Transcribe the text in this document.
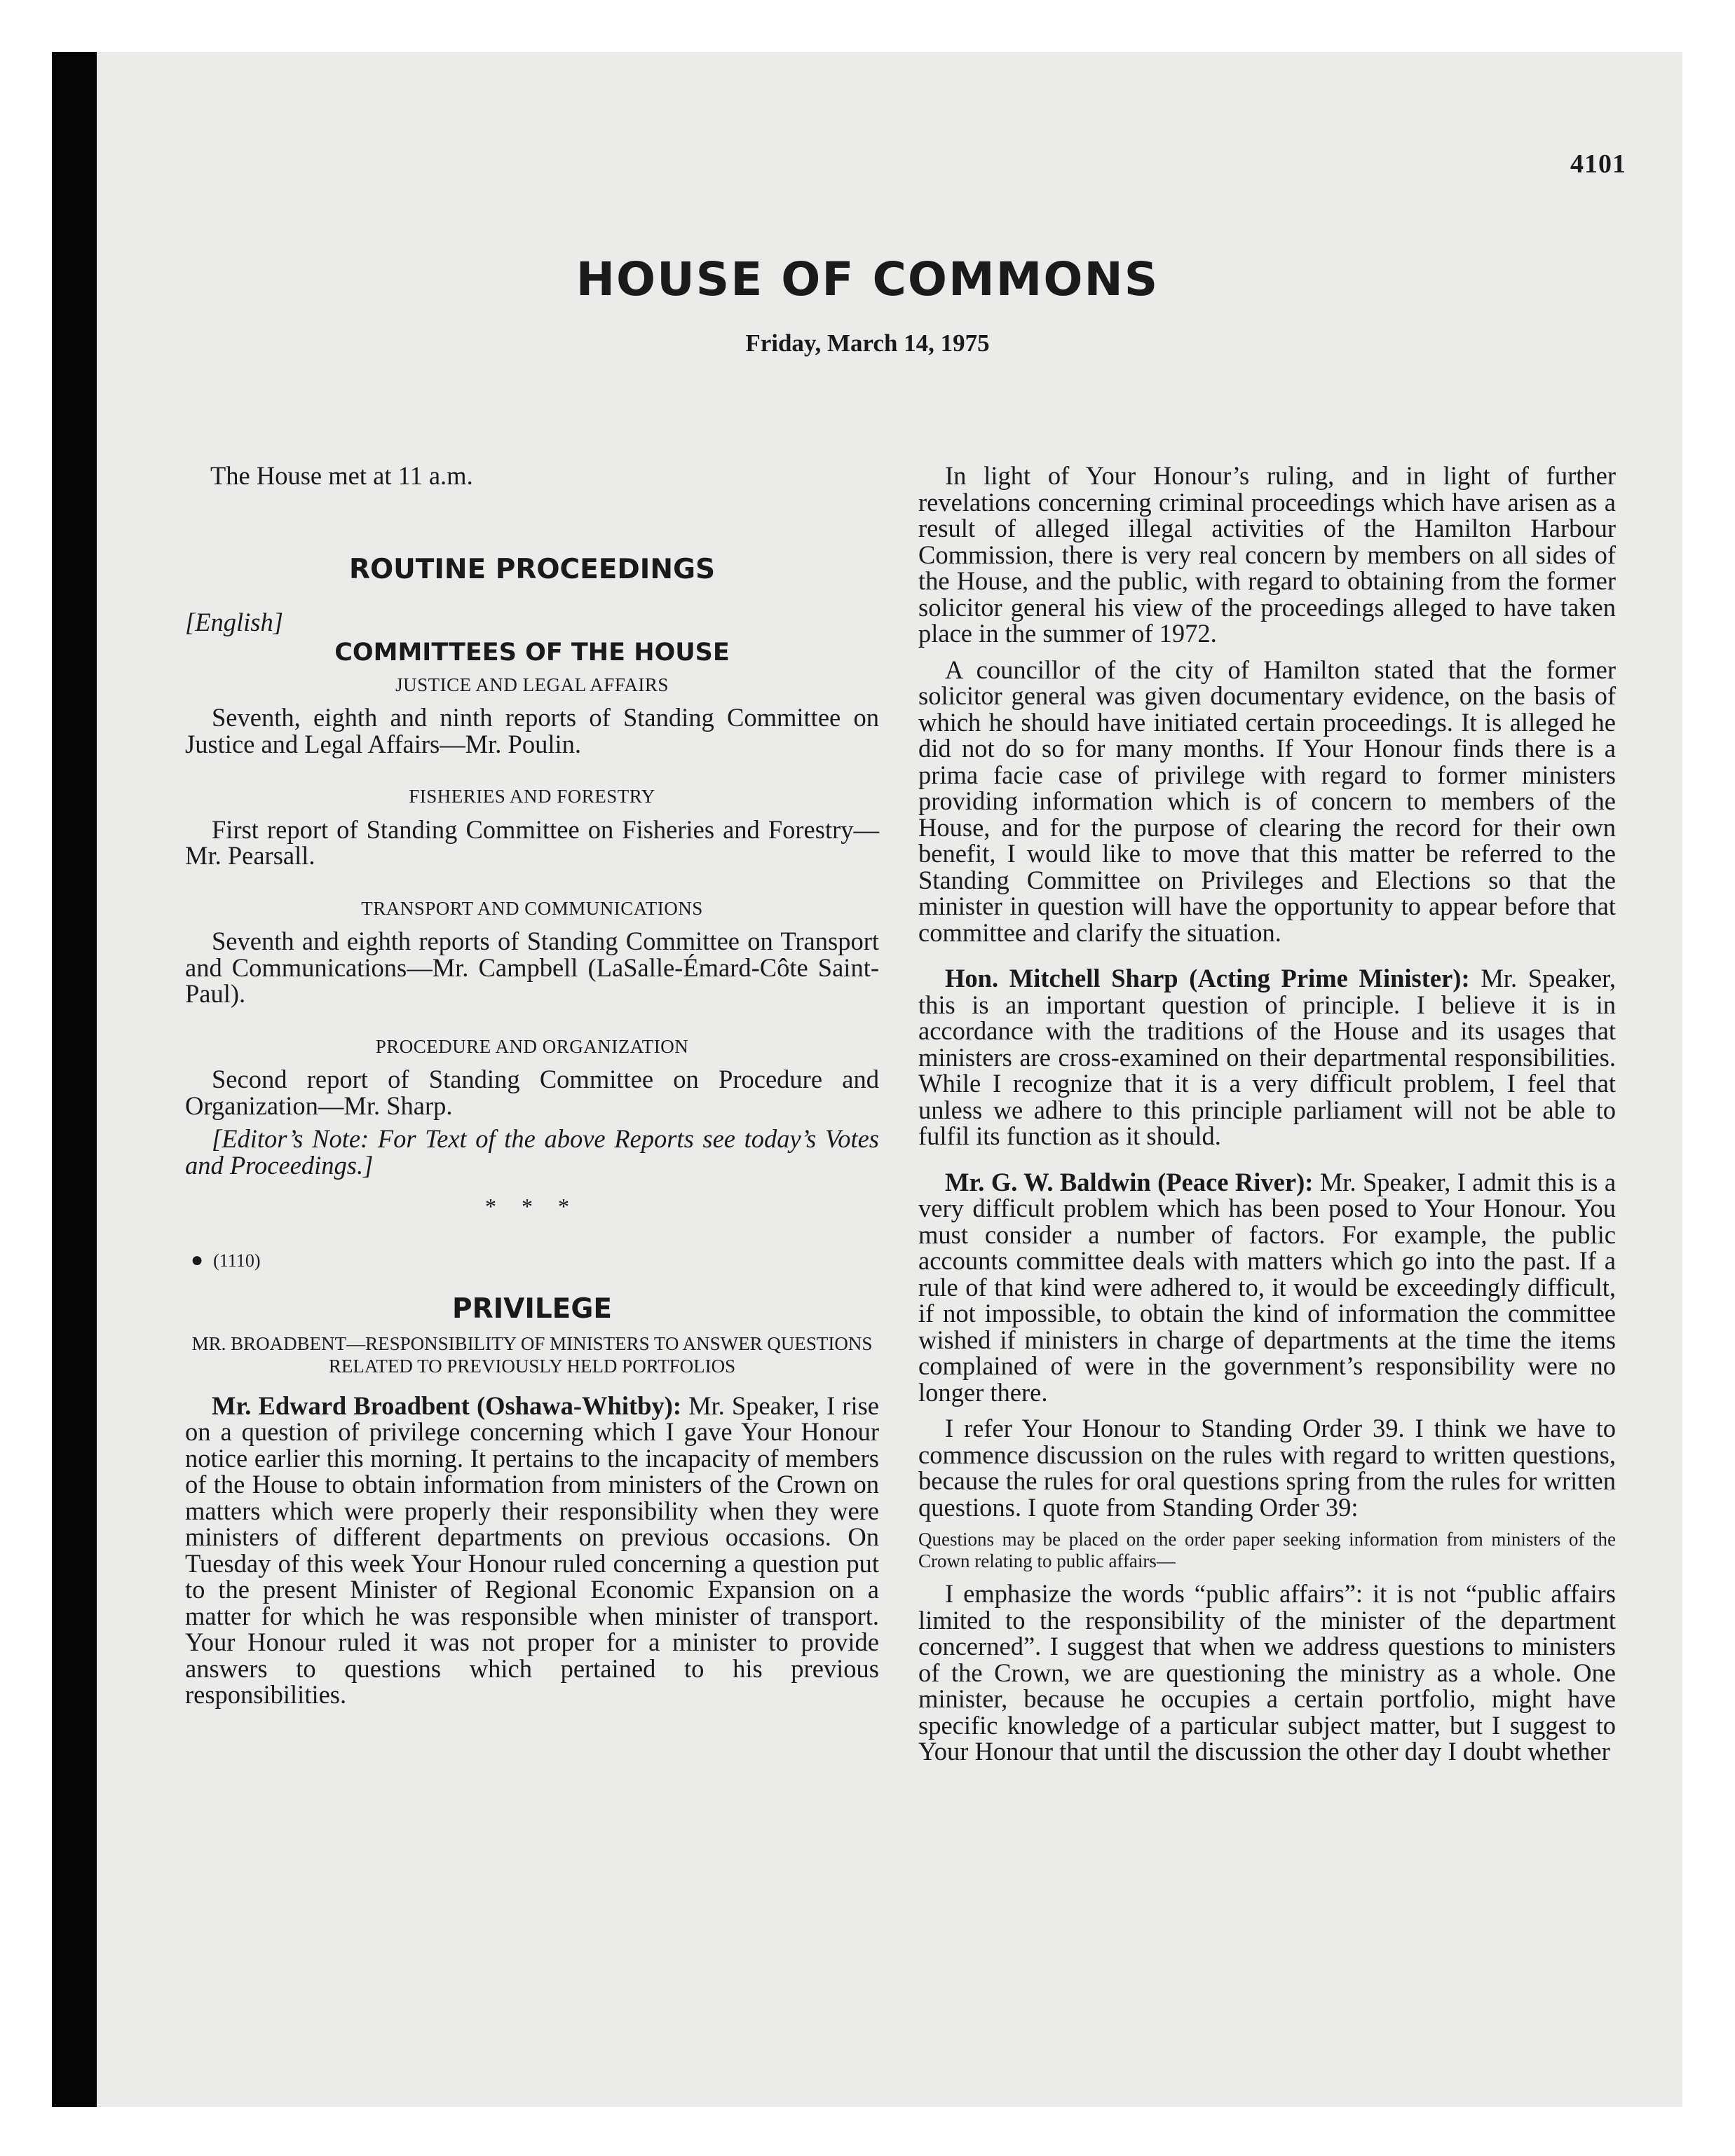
4101
HOUSE OF COMMONS
Friday, March 14, 1975

The House met at 11 a.m.

ROUTINE PROCEEDINGS
[English]
COMMITTEES OF THE HOUSE
JUSTICE AND LEGAL AFFAIRS

Seventh, eighth and ninth reports of Standing Committee on Justice and Legal Affairs—Mr. Poulin.

FISHERIES AND FORESTRY

First report of Standing Committee on Fisheries and Forestry—Mr. Pearsall.

TRANSPORT AND COMMUNICATIONS

Seventh and eighth reports of Standing Committee on Transport and Communications—Mr. Campbell (LaSalle-Émard-Côte Saint-Paul).

PROCEDURE AND ORGANIZATION

Second report of Standing Committee on Procedure and Organization—Mr. Sharp.

[Editor’s Note: For Text of the above Reports see today’s Votes and Proceedings.]

* * *
● (1110)
PRIVILEGE
MR. BROADBENT—RESPONSIBILITY OF MINISTERS TO ANSWER QUESTIONS RELATED TO PREVIOUSLY HELD PORTFOLIOS

Mr. Edward Broadbent (Oshawa-Whitby): Mr. Speaker, I rise on a question of privilege concerning which I gave Your Honour notice earlier this morning. It pertains to the incapacity of members of the House to obtain information from ministers of the Crown on matters which were properly their responsibility when they were ministers of different departments on previous occasions. On Tuesday of this week Your Honour ruled concerning a question put to the present Minister of Regional Economic Expansion on a matter for which he was responsible when minister of transport. Your Honour ruled it was not proper for a minister to provide answers to questions which pertained to his previous responsibilities.

In light of Your Honour’s ruling, and in light of further revelations concerning criminal proceedings which have arisen as a result of alleged illegal activities of the Hamilton Harbour Commission, there is very real concern by members on all sides of the House, and the public, with regard to obtaining from the former solicitor general his view of the proceedings alleged to have taken place in the summer of 1972.

A councillor of the city of Hamilton stated that the former solicitor general was given documentary evidence, on the basis of which he should have initiated certain proceedings. It is alleged he did not do so for many months. If Your Honour finds there is a prima facie case of privilege with regard to former ministers providing information which is of concern to members of the House, and for the purpose of clearing the record for their own benefit, I would like to move that this matter be referred to the Standing Committee on Privileges and Elections so that the minister in question will have the opportunity to appear before that committee and clarify the situation.

Hon. Mitchell Sharp (Acting Prime Minister): Mr. Speaker, this is an important question of principle. I believe it is in accordance with the traditions of the House and its usages that ministers are cross-examined on their departmental responsibilities. While I recognize that it is a very difficult problem, I feel that unless we adhere to this principle parliament will not be able to fulfil its function as it should.

Mr. G. W. Baldwin (Peace River): Mr. Speaker, I admit this is a very difficult problem which has been posed to Your Honour. You must consider a number of factors. For example, the public accounts committee deals with matters which go into the past. If a rule of that kind were adhered to, it would be exceedingly difficult, if not impossible, to obtain the kind of information the committee wished if ministers in charge of departments at the time the items complained of were in the government’s responsibility were no longer there.

I refer Your Honour to Standing Order 39. I think we have to commence discussion on the rules with regard to written questions, because the rules for oral questions spring from the rules for written questions. I quote from Standing Order 39:

Questions may be placed on the order paper seeking information from ministers of the Crown relating to public affairs—

I emphasize the words “public affairs”: it is not “public affairs limited to the responsibility of the minister of the department concerned”. I suggest that when we address questions to ministers of the Crown, we are questioning the ministry as a whole. One minister, because he occupies a certain portfolio, might have specific knowledge of a particular subject matter, but I suggest to Your Honour that until the discussion the other day I doubt whether
